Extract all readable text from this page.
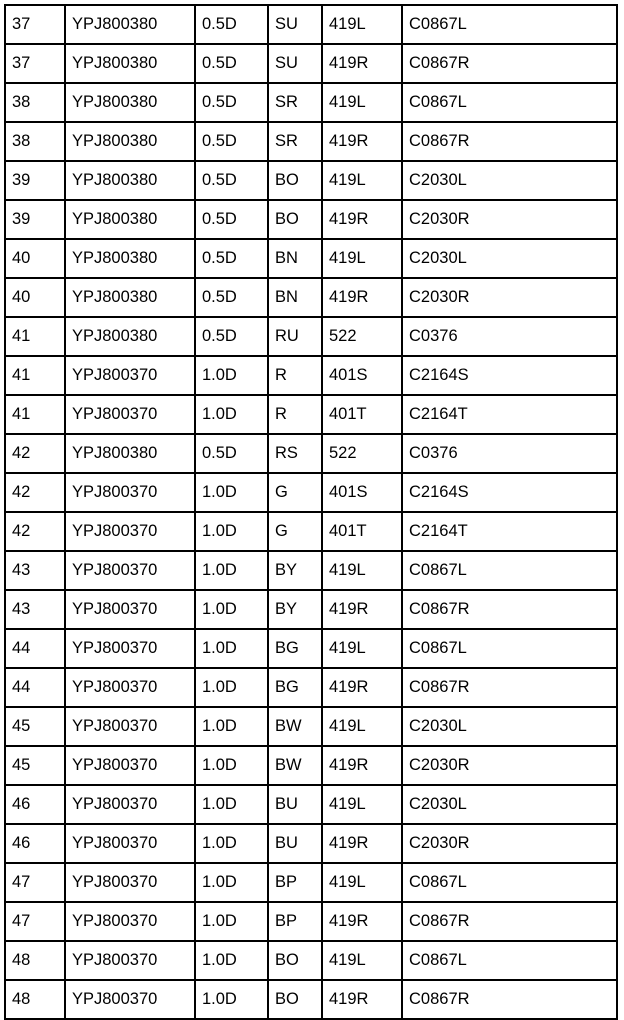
37	YPJ800380	0.5D	SU	419L	C0867L
37	YPJ800380	0.5D	SU	419R	C0867R
38	YPJ800380	0.5D	SR	419L	C0867L
38	YPJ800380	0.5D	SR	419R	C0867R
39	YPJ800380	0.5D	BO	419L	C2030L
39	YPJ800380	0.5D	BO	419R	C2030R
40	YPJ800380	0.5D	BN	419L	C2030L
40	YPJ800380	0.5D	BN	419R	C2030R
41	YPJ800380	0.5D	RU	522	C0376
41	YPJ800370	1.0D	R	401S	C2164S
41	YPJ800370	1.0D	R	401T	C2164T
42	YPJ800380	0.5D	RS	522	C0376
42	YPJ800370	1.0D	G	401S	C2164S
42	YPJ800370	1.0D	G	401T	C2164T
43	YPJ800370	1.0D	BY	419L	C0867L
43	YPJ800370	1.0D	BY	419R	C0867R
44	YPJ800370	1.0D	BG	419L	C0867L
44	YPJ800370	1.0D	BG	419R	C0867R
45	YPJ800370	1.0D	BW	419L	C2030L
45	YPJ800370	1.0D	BW	419R	C2030R
46	YPJ800370	1.0D	BU	419L	C2030L
46	YPJ800370	1.0D	BU	419R	C2030R
47	YPJ800370	1.0D	BP	419L	C0867L
47	YPJ800370	1.0D	BP	419R	C0867R
48	YPJ800370	1.0D	BO	419L	C0867L
48	YPJ800370	1.0D	BO	419R	C0867R
